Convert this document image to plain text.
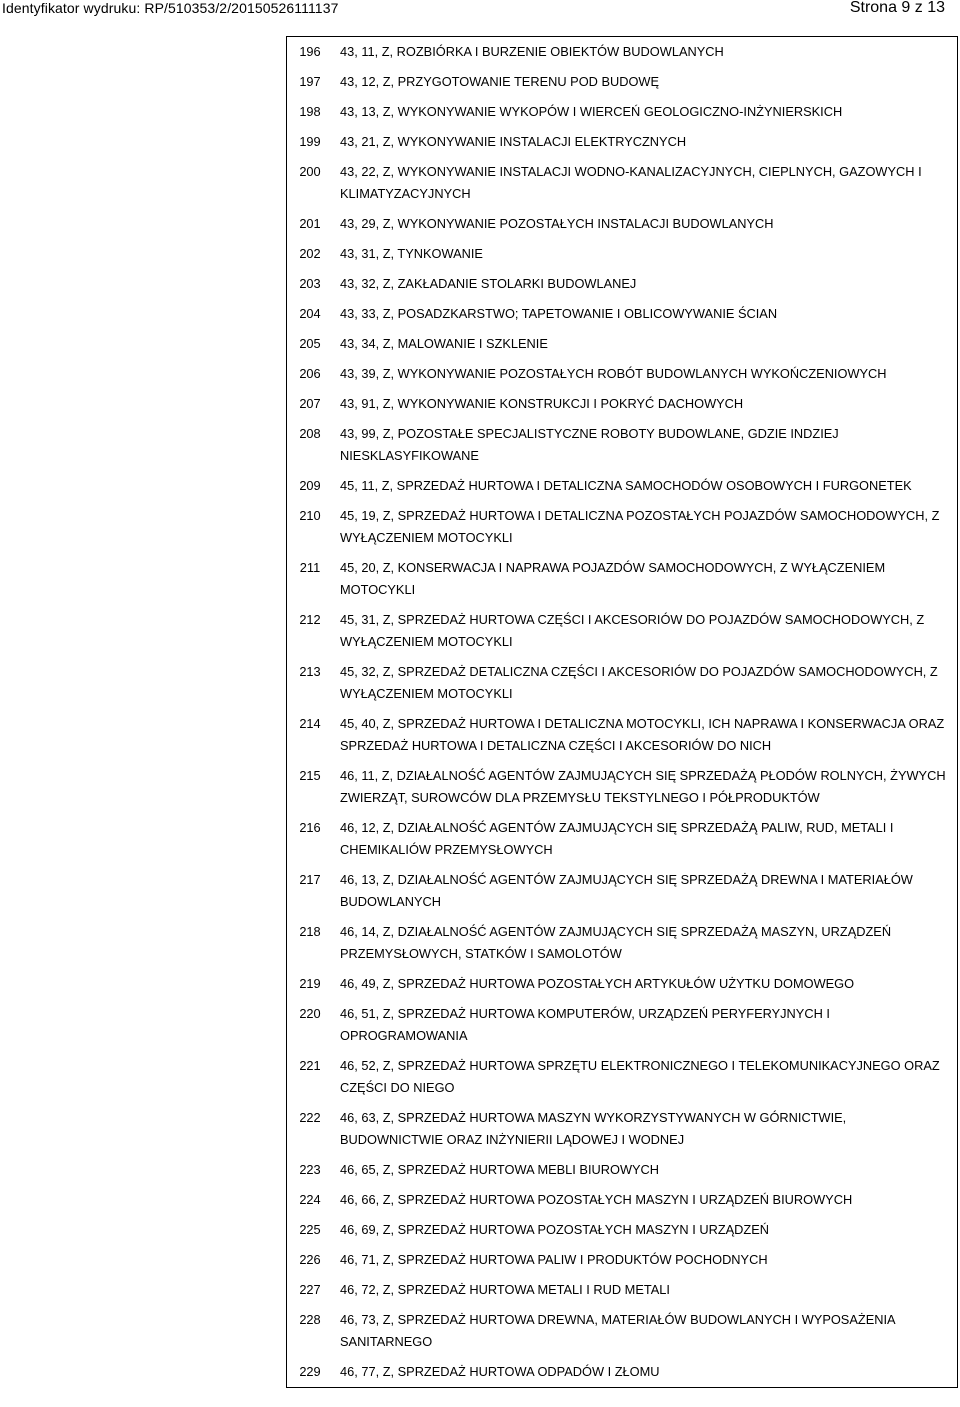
Identyfikator wydruku: RP/510353/2/20150526111137	Strona 9 z 13
196	43, 11, Z, ROZBIÓRKA I BURZENIE OBIEKTÓW BUDOWLANYCH
197	43, 12, Z, PRZYGOTOWANIE TERENU POD BUDOWĘ
198	43, 13, Z, WYKONYWANIE WYKOPÓW I WIERCEŃ GEOLOGICZNO-INŻYNIERSKICH
199	43, 21, Z, WYKONYWANIE INSTALACJI ELEKTRYCZNYCH
200	43, 22, Z, WYKONYWANIE INSTALACJI WODNO-KANALIZACYJNYCH, CIEPLNYCH, GAZOWYCH I KLIMATYZACYJNYCH
201	43, 29, Z, WYKONYWANIE POZOSTAŁYCH INSTALACJI BUDOWLANYCH
202	43, 31, Z, TYNKOWANIE
203	43, 32, Z, ZAKŁADANIE STOLARKI BUDOWLANEJ
204	43, 33, Z, POSADZKARSTWO; TAPETOWANIE I OBLICOWYWANIE ŚCIAN
205	43, 34, Z, MALOWANIE I SZKLENIE
206	43, 39, Z, WYKONYWANIE POZOSTAŁYCH ROBÓT BUDOWLANYCH WYKOŃCZENIOWYCH
207	43, 91, Z, WYKONYWANIE KONSTRUKCJI I POKRYĆ DACHOWYCH
208	43, 99, Z, POZOSTAŁE SPECJALISTYCZNE ROBOTY BUDOWLANE, GDZIE INDZIEJ NIESKLASYFIKOWANE
209	45, 11, Z, SPRZEDAŻ HURTOWA I DETALICZNA SAMOCHODÓW OSOBOWYCH I FURGONETEK
210	45, 19, Z, SPRZEDAŻ HURTOWA I DETALICZNA POZOSTAŁYCH POJAZDÓW SAMOCHODOWYCH, Z WYŁĄCZENIEM MOTOCYKLI
211	45, 20, Z, KONSERWACJA I NAPRAWA POJAZDÓW SAMOCHODOWYCH, Z WYŁĄCZENIEM MOTOCYKLI
212	45, 31, Z, SPRZEDAŻ HURTOWA CZĘŚCI I AKCESORIÓW DO POJAZDÓW SAMOCHODOWYCH, Z WYŁĄCZENIEM MOTOCYKLI
213	45, 32, Z, SPRZEDAŻ DETALICZNA CZĘŚCI I AKCESORIÓW DO POJAZDÓW SAMOCHODOWYCH, Z WYŁĄCZENIEM MOTOCYKLI
214	45, 40, Z, SPRZEDAŻ HURTOWA I DETALICZNA MOTOCYKLI, ICH NAPRAWA I KONSERWACJA ORAZ SPRZEDAŻ HURTOWA I DETALICZNA CZĘŚCI I AKCESORIÓW DO NICH
215	46, 11, Z, DZIAŁALNOŚĆ AGENTÓW ZAJMUJĄCYCH SIĘ SPRZEDAŻĄ PŁODÓW ROLNYCH, ŻYWYCH ZWIERZĄT, SUROWCÓW DLA PRZEMYSŁU TEKSTYLNEGO I PÓŁPRODUKTÓW
216	46, 12, Z, DZIAŁALNOŚĆ AGENTÓW ZAJMUJĄCYCH SIĘ SPRZEDAŻĄ PALIW, RUD, METALI I CHEMIKALIÓW PRZEMYSŁOWYCH
217	46, 13, Z, DZIAŁALNOŚĆ AGENTÓW ZAJMUJĄCYCH SIĘ SPRZEDAŻĄ DREWNA I MATERIAŁÓW BUDOWLANYCH
218	46, 14, Z, DZIAŁALNOŚĆ AGENTÓW ZAJMUJĄCYCH SIĘ SPRZEDAŻĄ MASZYN, URZĄDZEŃ PRZEMYSŁOWYCH, STATKÓW I SAMOLOTÓW
219	46, 49, Z, SPRZEDAŻ HURTOWA POZOSTAŁYCH ARTYKUŁÓW UŻYTKU DOMOWEGO
220	46, 51, Z, SPRZEDAŻ HURTOWA KOMPUTERÓW, URZĄDZEŃ PERYFERYJNYCH I OPROGRAMOWANIA
221	46, 52, Z, SPRZEDAŻ HURTOWA SPRZĘTU ELEKTRONICZNEGO I TELEKOMUNIKACYJNEGO ORAZ CZĘŚCI DO NIEGO
222	46, 63, Z, SPRZEDAŻ HURTOWA MASZYN WYKORZYSTYWANYCH W GÓRNICTWIE, BUDOWNICTWIE ORAZ INŻYNIERII LĄDOWEJ I WODNEJ
223	46, 65, Z, SPRZEDAŻ HURTOWA MEBLI BIUROWYCH
224	46, 66, Z, SPRZEDAŻ HURTOWA POZOSTAŁYCH MASZYN I URZĄDZEŃ BIUROWYCH
225	46, 69, Z, SPRZEDAŻ HURTOWA POZOSTAŁYCH MASZYN I URZĄDZEŃ
226	46, 71, Z, SPRZEDAŻ HURTOWA PALIW I PRODUKTÓW POCHODNYCH
227	46, 72, Z, SPRZEDAŻ HURTOWA METALI I RUD METALI
228	46, 73, Z, SPRZEDAŻ HURTOWA DREWNA, MATERIAŁÓW BUDOWLANYCH I WYPOSAŻENIA SANITARNEGO
229	46, 77, Z, SPRZEDAŻ HURTOWA ODPADÓW I ZŁOMU
